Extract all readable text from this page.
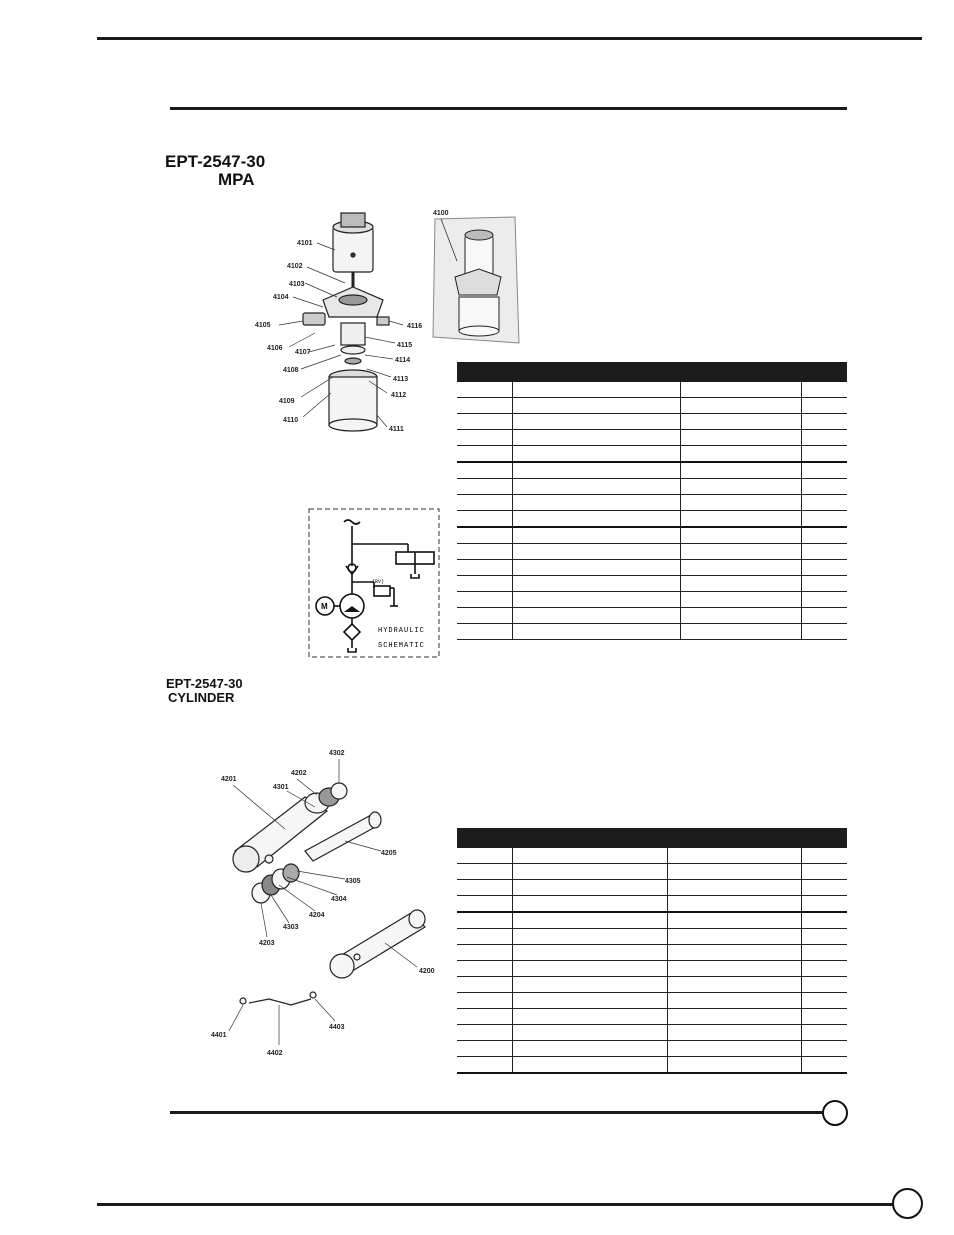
EPT-2547-30
MPA
4101
4102
4103
4104
4105
4106
4107
4108
4109
4110
4111
4112
4113
4114
4115
4116
4100

M
(RV)
HYDRAULIC
SCHEMATIC
EPT-2547-30
CYLINDER
4201
4202
4301
4302
4205
4305
4304
4204
4303
4203
4200
4401
4402
4403
